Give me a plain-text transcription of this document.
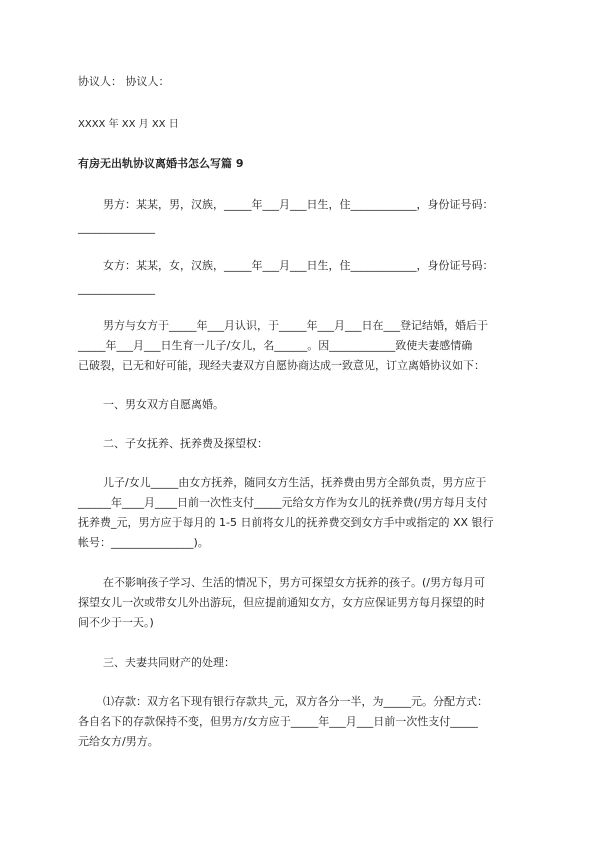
协议人： 协议人：
XXXX 年 XX 月 XX 日
有房无出轨协议离婚书怎么写篇 9
男方：某某，男，汉族，_____年___月___日生，住____________，身份证号码：
______________
女方：某某，女，汉族，_____年___月___日生，住____________，身份证号码：
______________
男方与女方于_____年___月认识，于_____年___月___日在___登记结婚，婚后于
_____年___月___日生育一儿子/女儿，名______。因____________致使夫妻感情确
已破裂，已无和好可能，现经夫妻双方自愿协商达成一致意见，订立离婚协议如下：
一、男女双方自愿离婚。
二、子女抚养、抚养费及探望权：
儿子/女儿_____由女方抚养，随同女方生活，抚养费由男方全部负责，男方应于
______年____月____日前一次性支付_____元给女方作为女儿的抚养费(/男方每月支付
抚养费_元，男方应于每月的 1-5 日前将女儿的抚养费交到女方手中或指定的 XX 银行
帐号：_______________)。
在不影响孩子学习、生活的情况下，男方可探望女方抚养的孩子。(/男方每月可
探望女儿一次或带女儿外出游玩，但应提前通知女方，女方应保证男方每月探望的时
间不少于一天。)
三、夫妻共同财产的处理：
⑴存款：双方名下现有银行存款共_元，双方各分一半，为_____元。分配方式：
各自名下的存款保持不变，但男方/女方应于_____年___月___日前一次性支付_____
元给女方/男方。
